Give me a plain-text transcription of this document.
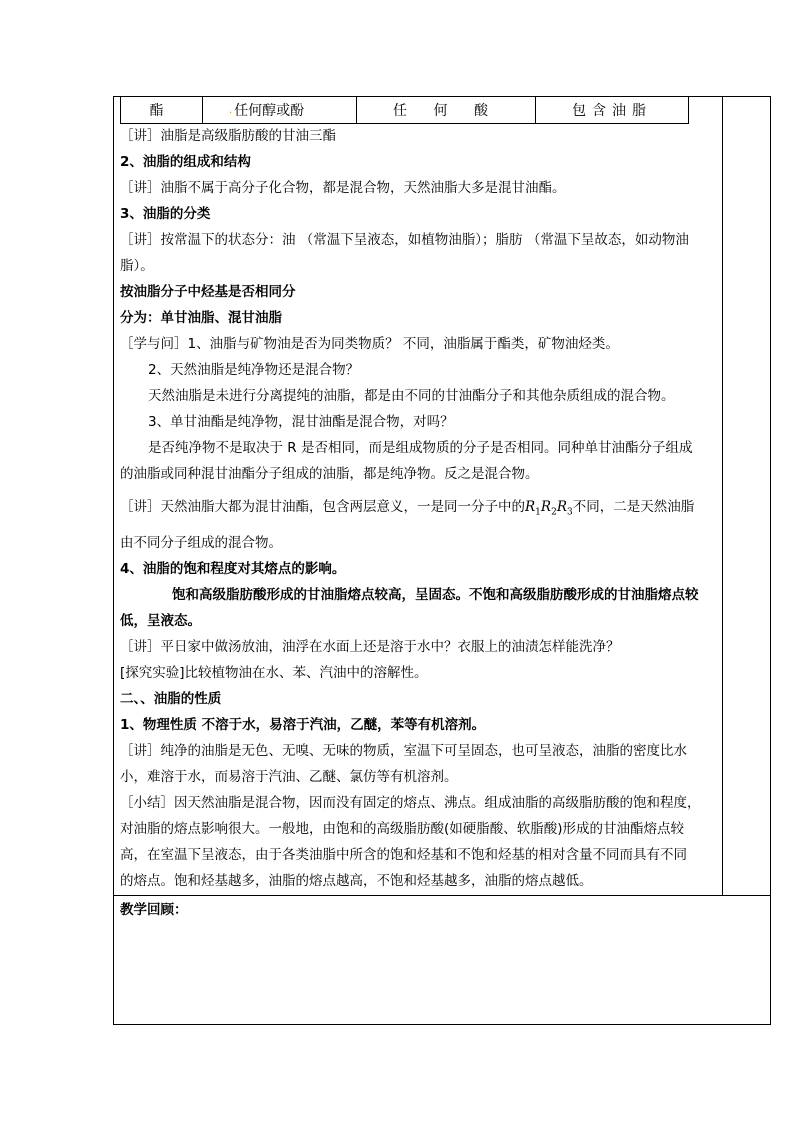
酯	. 任何醇或酚	任 何 酸	包含油脂
［讲］油脂是高级脂肪酸的甘油三酯
2、油脂的组成和结构
［讲］油脂不属于高分子化合物，都是混合物，天然油脂大多是混甘油酯。
3、油脂的分类
［讲］按常温下的状态分：油 （常温下呈液态，如植物油脂）；脂肪 （常温下呈故态，如动物油
脂）。
按油脂分子中烃基是否相同分
分为：单甘油脂、混甘油脂
［学与问］1、油脂与矿物油是否为同类物质？ 不同，油脂属于酯类，矿物油烃类。
2、天然油脂是纯净物还是混合物？
天然油脂是未进行分离提纯的油脂，都是由不同的甘油酯分子和其他杂质组成的混合物。
3、单甘油酯是纯净物，混甘油酯是混合物，对吗？
是否纯净物不是取决于 R 是否相同，而是组成物质的分子是否相同。同种单甘油酯分子组成
的油脂或同种混甘油酯分子组成的油脂，都是纯净物。反之是混合物。
［讲］天然油脂大都为混甘油酯，包含两层意义，一是同一分子中的$R_1R_2R_3$不同，二是天然油脂
由不同分子组成的混合物。
4、油脂的饱和程度对其熔点的影响。
饱和高级脂肪酸形成的甘油脂熔点较高，呈固态。不饱和高级脂肪酸形成的甘油脂熔点较
低，呈液态。
［讲］平日家中做汤放油，油浮在水面上还是溶于水中？衣服上的油渍怎样能洗净？
[探究实验]比较植物油在水、苯、汽油中的溶解性。
二、、油脂的性质
1、物理性质 不溶于水，易溶于汽油，乙醚，苯等有机溶剂。
［讲］纯净的油脂是无色、无嗅、无味的物质，室温下可呈固态，也可呈液态，油脂的密度比水
小，难溶于水，而易溶于汽油、乙醚、氯仿等有机溶剂。
［小结］因天然油脂是混合物，因而没有固定的熔点、沸点。组成油脂的高级脂肪酸的饱和程度，
对油脂的熔点影响很大。一般地，由饱和的高级脂肪酸(如硬脂酸、软脂酸)形成的甘油酯熔点较
高，在室温下呈液态，由于各类油脂中所含的饱和烃基和不饱和烃基的相对含量不同而具有不同
的熔点。饱和烃基越多，油脂的熔点越高，不饱和烃基越多，油脂的熔点越低。
教学回顾：
